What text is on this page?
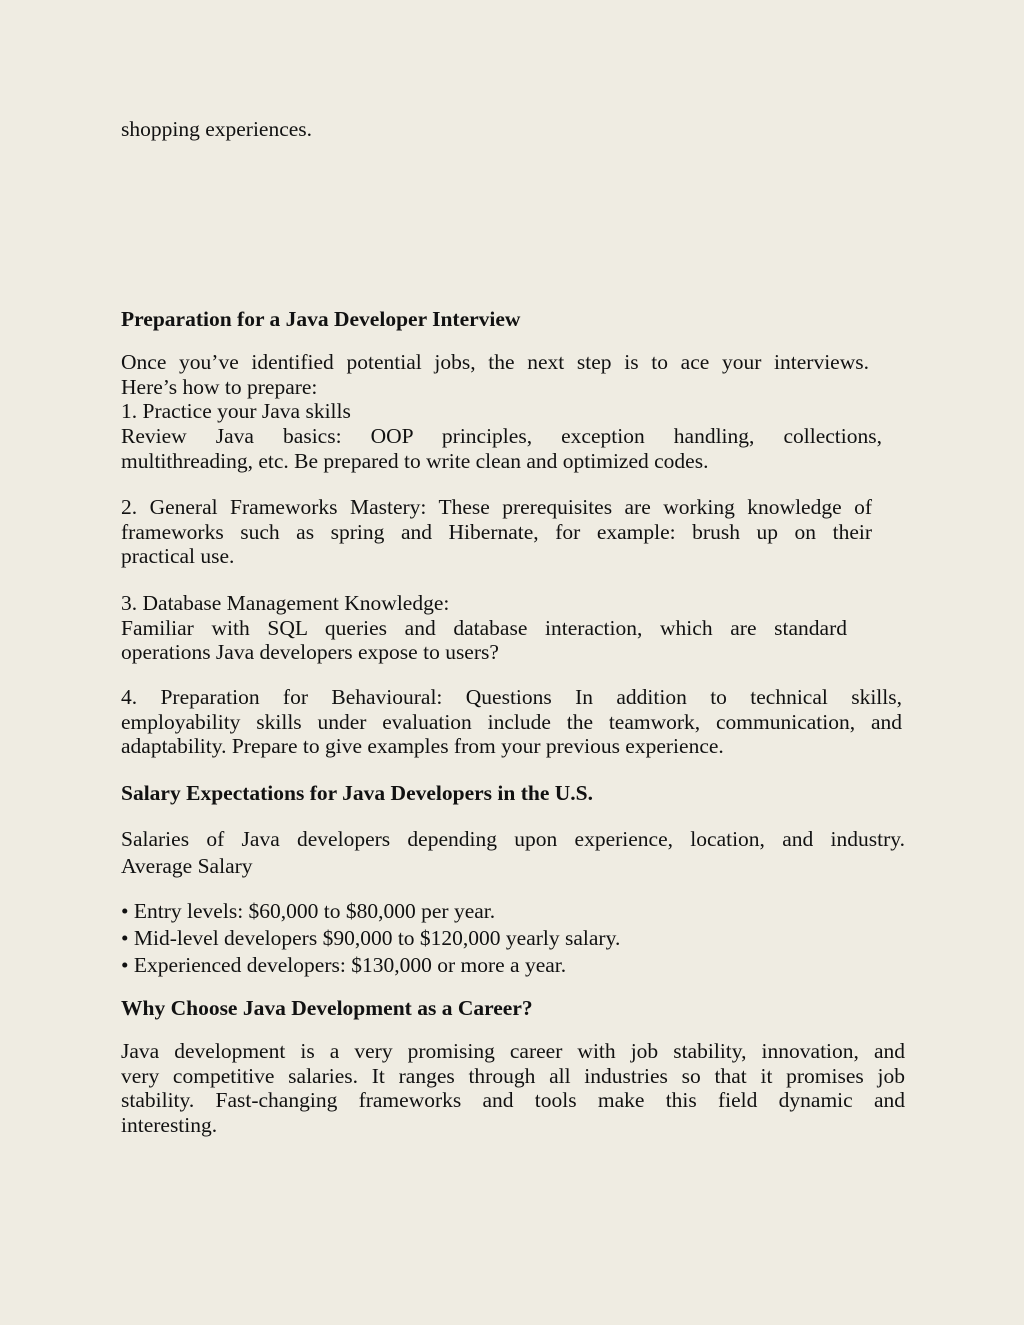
shopping experiences.

Preparation for a Java Developer Interview

Once you’ve identified potential jobs, the next step is to ace your interviews.
Here’s how to prepare:
1. Practice your Java skills
Review Java basics: OOP principles, exception handling, collections,
multithreading, etc. Be prepared to write clean and optimized codes.

2. General Frameworks Mastery: These prerequisites are working knowledge of
frameworks such as spring and Hibernate, for example: brush up on their
practical use.

3. Database Management Knowledge:
Familiar with SQL queries and database interaction, which are standard
operations Java developers expose to users?

4. Preparation for Behavioural: Questions In addition to technical skills,
employability skills under evaluation include the teamwork, communication, and
adaptability. Prepare to give examples from your previous experience.

Salary Expectations for Java Developers in the U.S.

Salaries of Java developers depending upon experience, location, and industry.
Average Salary

• Entry levels: $60,000 to $80,000 per year.
• Mid-level developers $90,000 to $120,000 yearly salary.
• Experienced developers: $130,000 or more a year.
Why Choose Java Development as a Career?

Java development is a very promising career with job stability, innovation, and
very competitive salaries. It ranges through all industries so that it promises job
stability. Fast-changing frameworks and tools make this field dynamic and
interesting.
